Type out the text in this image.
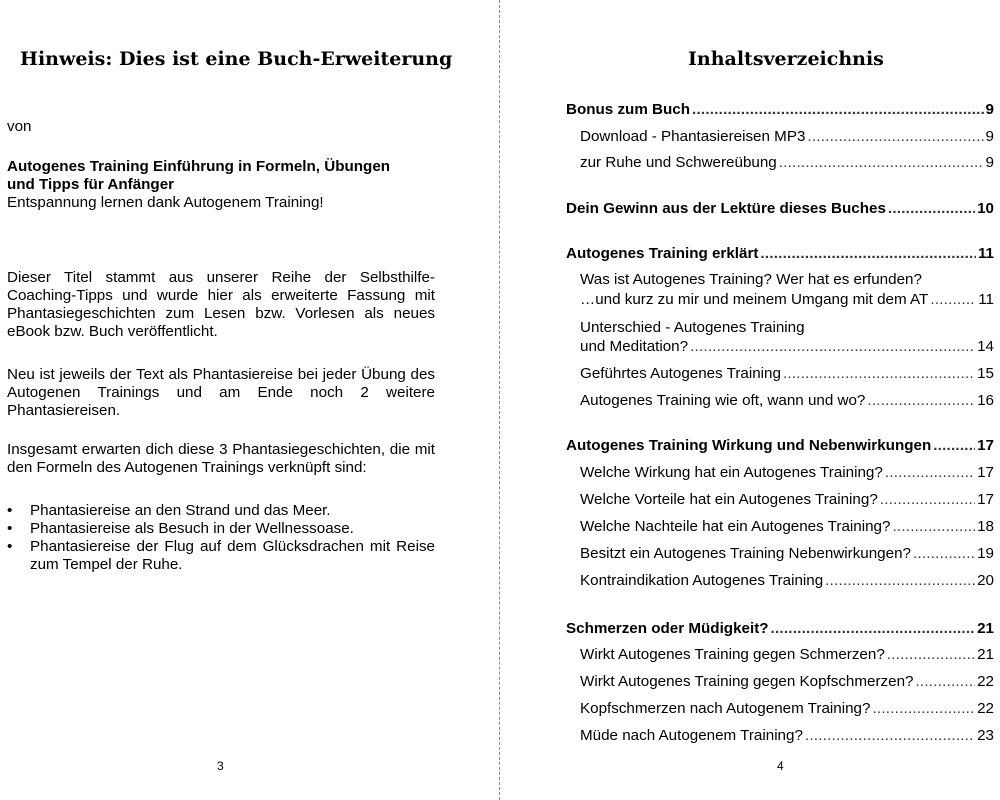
Hinweis: Dies ist eine Buch-Erweiterung

von

Autogenes Training Einführung in Formeln, Übungen

und Tipps für Anfänger

Entspannung lernen dank Autogenem Training!

Dieser Titel stammt aus unserer Reihe der Selbsthilfe-Coaching-Tipps und wurde hier als erweiterte Fassung mit Phantasiegeschichten zum Lesen bzw. Vorlesen als neues eBook bzw. Buch veröffentlicht.

Neu ist jeweils der Text als Phantasiereise bei jeder Übung des Autogenen Trainings und am Ende noch 2 weitere Phantasiereisen.

Insgesamt erwarten dich diese 3 Phantasiegeschichten, die mit den Formeln des Autogenen Trainings verknüpft sind:

• Phantasiereise an den Strand und das Meer.
• Phantasiereise als Besuch in der Wellnessoase.
• Phantasiereise der Flug auf dem Glücksdrachen mit Reise zum Tempel der Ruhe.
3
Inhaltsverzeichnis
Bonus zum Buch . . .	9
Download - Phantasiereisen MP3 . . .	9
zur Ruhe und Schwereübung . . .	9
Dein Gewinn aus der Lektüre dieses Buches . . .	10
Autogenes Training erklärt . . .	11
Was ist Autogenes Training? Wer hat es erfunden?
…und kurz zu mir und meinem Umgang mit dem AT . . .	11
Unterschied - Autogenes Training
und Meditation? . . .	14
Geführtes Autogenes Training . . .	15
Autogenes Training wie oft, wann und wo? . . .	16
Autogenes Training Wirkung und Nebenwirkungen . . .	17
Welche Wirkung hat ein Autogenes Training? . . .	17
Welche Vorteile hat ein Autogenes Training? . . .	17
Welche Nachteile hat ein Autogenes Training? . . .	18
Besitzt ein Autogenes Training Nebenwirkungen? . . .	19
Kontraindikation Autogenes Training . . .	20
Schmerzen oder Müdigkeit? . . .	21
Wirkt Autogenes Training gegen Schmerzen? . . .	21
Wirkt Autogenes Training gegen Kopfschmerzen? . . .	22
Kopfschmerzen nach Autogenem Training? . . .	22
Müde nach Autogenem Training? . . .	23
4
